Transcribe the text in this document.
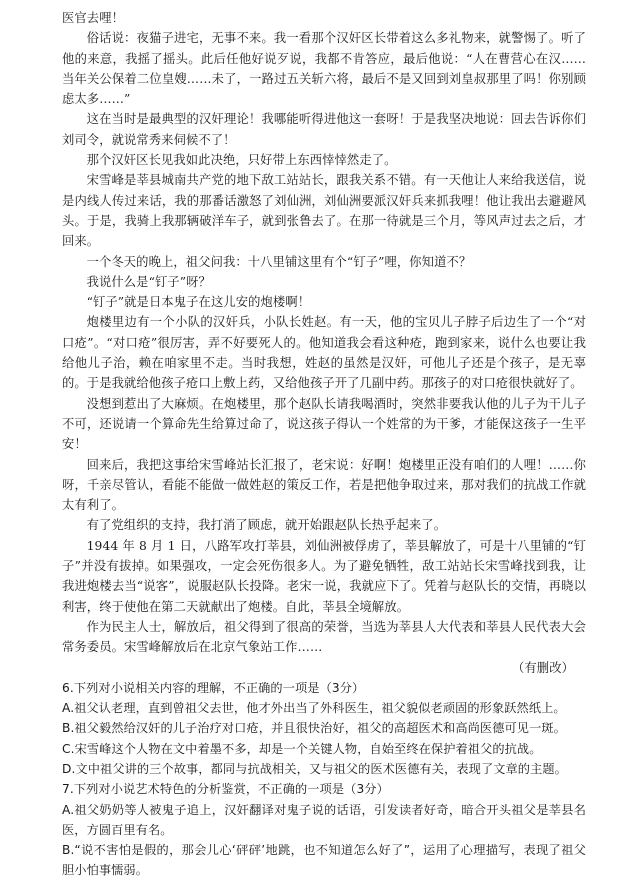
医官去哩！

俗话说：夜猫子进宅，无事不来。我一看那个汉奸区长带着这么多礼物来，就警惕了。听了他的来意，我摇了摇头。此后任他好说歹说，我都不肯答应，最后他说：“人在曹营心在汉……当年关公保着二位皇嫂……未了，一路过五关斩六将，最后不是又回到刘皇叔那里了吗！你别顾虑太多……”

这在当时是最典型的汉奸理论！我哪能听得进他这一套呀！于是我坚决地说：回去告诉你们刘司令，就说常秀来伺候不了！

那个汉奸区长见我如此决绝，只好带上东西悻悻然走了。

宋雪峰是莘县城南共产党的地下敌工站站长，跟我关系不错。有一天他让人来给我送信，说是内线人传过来话，我的那番话激怒了刘仙洲，刘仙洲要派汉奸兵来抓我哩！他让我出去避避风头。于是，我骑上我那辆破洋车子，就到张鲁去了。在那一待就是三个月，等风声过去之后，才回来。

一个冬天的晚上，祖父问我：十八里铺这里有个“钉子”哩，你知道不？

我说什么是“钉子”呀？

“钉子”就是日本鬼子在这儿安的炮楼啊！

炮楼里边有一个小队的汉奸兵，小队长姓赵。有一天，他的宝贝儿子脖子后边生了一个“对口疮”。“对口疮”很厉害，弄不好要死人的。他知道我会看这种疮，跑到家来，说什么也要让我给他儿子治，赖在咱家里不走。当时我想，姓赵的虽然是汉奸，可他儿子还是个孩子，是无辜的。于是我就给他孩子疮口上敷上药，又给他孩子开了几副中药。那孩子的对口疮很快就好了。

没想到惹出了大麻烦。在炮楼里，那个赵队长请我喝酒时，突然非要我认他的儿子为干儿子不可，还说请一个算命先生给算过命了，说这孩子得认一个姓常的为干爹，才能保这孩子一生平安！

回来后，我把这事给宋雪峰站长汇报了，老宋说：好啊！炮楼里正没有咱们的人哩！……你呀，千亲尽管认，看能不能做一做姓赵的策反工作，若是把他争取过来，那对我们的抗战工作就太有利了。

有了党组织的支持，我打消了顾虑，就开始跟赵队长热乎起来了。

1944 年 8 月 1 日，八路军攻打莘县，刘仙洲被俘虏了，莘县解放了，可是十八里铺的“钉子”并没有拔掉。如果强攻，一定会死伤很多人。为了避免牺牲，敌工站站长宋雪峰找到我，让我进炮楼去当“说客”，说服赵队长投降。老宋一说，我就应下了。凭着与赵队长的交情，再晓以利害，终于使他在第二天就献出了炮楼。自此，莘县全境解放。

作为民主人士，解放后，祖父得到了很高的荣誉，当选为莘县人大代表和莘县人民代表大会常务委员。宋雪峰解放后在北京气象站工作……

（有删改）

6.下列对小说相关内容的理解，不正确的一项是（3分）

A.祖父认老理，直到曾祖父去世，他才外出当了外科医生，祖父貌似老顽固的形象跃然纸上。

B.祖父毅然给汉奸的儿子治疗对口疮，并且很快治好，祖父的高超医术和高尚医德可见一斑。

C.宋雪峰这个人物在文中着墨不多，却是一个关键人物，自始至终在保护着祖父的抗战。

D.文中祖父讲的三个故事，都同与抗战相关，又与祖父的医术医德有关，表现了文章的主题。

7.下列对小说艺术特色的分析鉴赏，不正确的一项是（3分）

A.祖父奶奶等人被鬼子追上，汉奸翻译对鬼子说的话语，引发读者好奇，暗合开头祖父是莘县名医，方圆百里有名。

B.“说不害怕是假的，那会儿心‘砰砰’地跳，也不知道怎么好了”，运用了心理描写，表现了祖父胆小怕事懦弱。
